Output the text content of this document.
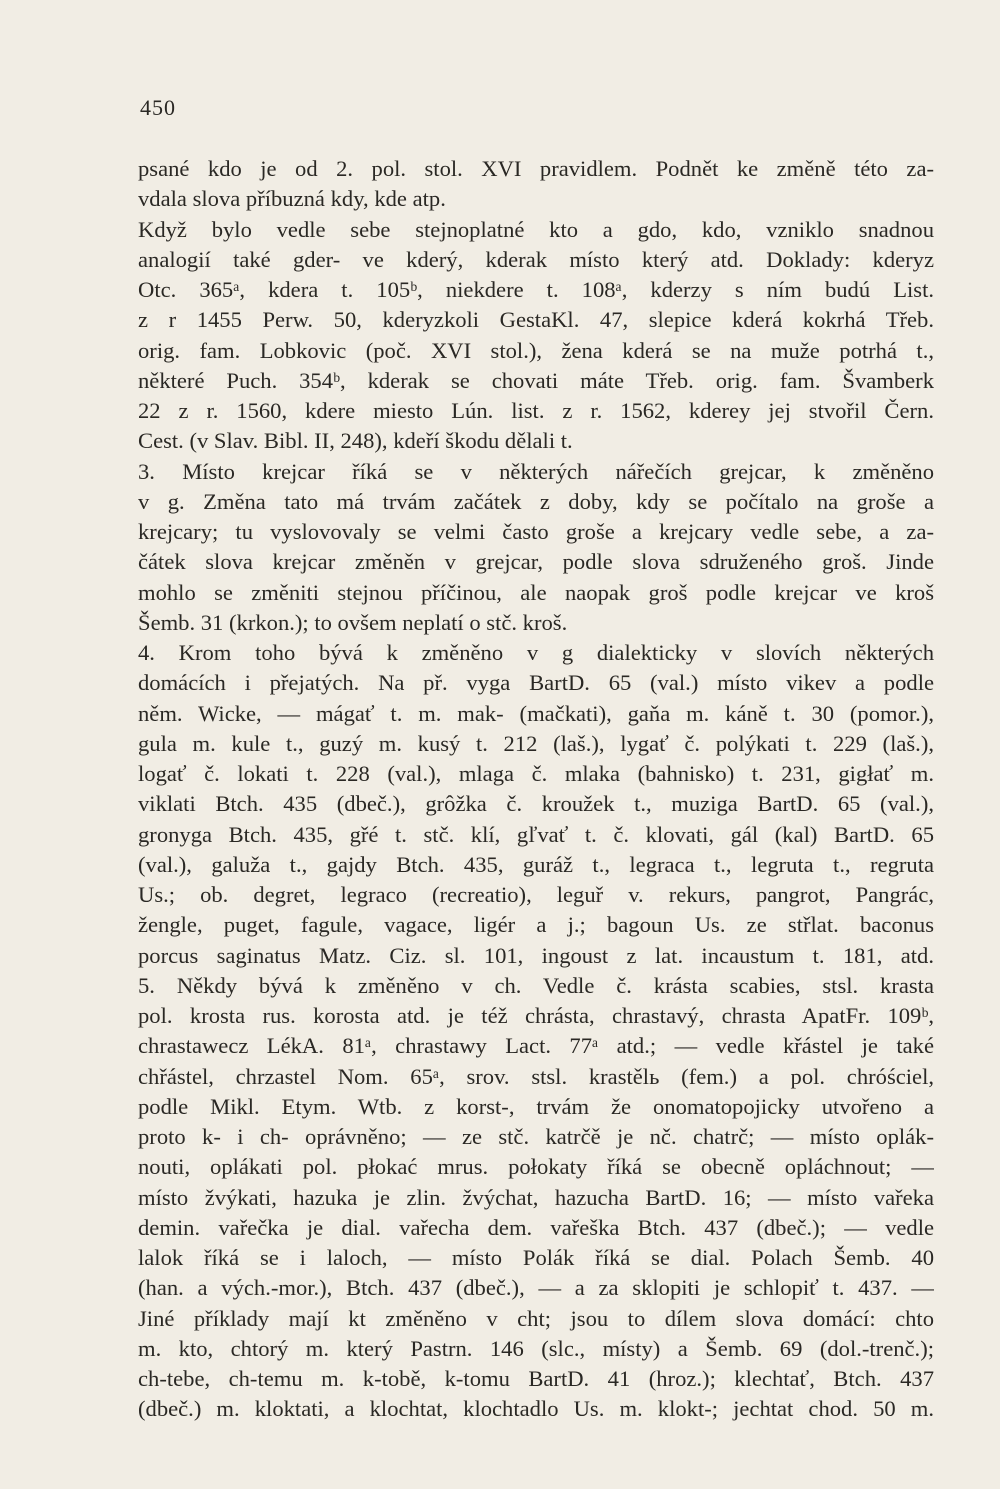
450
psané kdo je od 2. pol. stol. XVI pravidlem. Podnět ke změně této za-
vdala slova příbuzná kdy, kde atp.
Když bylo vedle sebe stejnoplatné kto a gdo, kdo, vzniklo snadnou
analogií také gder- ve kderý, kderak místo který atd. Doklady: kderyz
Otc. 365ᵃ, kdera t. 105ᵇ, niekdere t. 108ᵃ, kderzy s ním budú List.
z r 1455 Perw. 50, kderyzkoli GestaKl. 47, slepice kderá kokrhá Třeb.
orig. fam. Lobkovic (poč. XVI stol.), žena kderá se na muže potrhá t.,
některé Puch. 354ᵇ, kderak se chovati máte Třeb. orig. fam. Švamberk
22 z r. 1560, kdere miesto Lún. list. z r. 1562, kderey jej stvořil Čern.
Cest. (v Slav. Bibl. II, 248), kdeří škodu dělali t.
3. Místo krejcar říká se v některých nářečích grejcar, k změněno
v g. Změna tato má trvám začátek z doby, kdy se počítalo na groše a
krejcary; tu vyslovovaly se velmi často groše a krejcary vedle sebe, a za-
čátek slova krejcar změněn v grejcar, podle slova sdruženého groš. Jinde
mohlo se změniti stejnou příčinou, ale naopak groš podle krejcar ve kroš
Šemb. 31 (krkon.); to ovšem neplatí o stč. kroš.
4. Krom toho bývá k změněno v g dialekticky v slovích některých
domácích i přejatých. Na př. vyga BartD. 65 (val.) místo vikev a podle
něm. Wicke, — mágať t. m. mak- (mačkati), gaňa m. káně t. 30 (pomor.),
gula m. kule t., guzý m. kusý t. 212 (laš.), lygať č. polýkati t. 229 (laš.),
logať č. lokati t. 228 (val.), mlaga č. mlaka (bahnisko) t. 231, gigłať m.
viklati Btch. 435 (dbeč.), grôžka č. kroužek t., muziga BartD. 65 (val.),
gronyga Btch. 435, gřé t. stč. klí, gľvať t. č. klovati, gál (kal) BartD. 65
(val.), galuža t., gajdy Btch. 435, guráž t., legraca t., legruta t., regruta
Us.; ob. degret, legraco (recreatio), leguř v. rekurs, pangrot, Pangrác,
žengle, puget, fagule, vagace, ligér a j.; bagoun Us. ze střlat. baconus
porcus saginatus Matz. Ciz. sl. 101, ingoust z lat. incaustum t. 181, atd.
5. Někdy bývá k změněno v ch. Vedle č. krásta scabies, stsl. krasta
pol. krosta rus. korosta atd. je též chrásta, chrastavý, chrasta ApatFr. 109ᵇ,
chrastawecz LékA. 81ᵃ, chrastawy Lact. 77ᵃ atd.; — vedle křástel je také
chřástel, chrzastel Nom. 65ᵃ, srov. stsl. krastělь (fem.) a pol. chróściel,
podle Mikl. Etym. Wtb. z korst-, trvám že onomatopojicky utvořeno a
proto k- i ch- oprávněno; — ze stč. katrčě je nč. chatrč; — místo oplák-
nouti, oplákati pol. płokać mrus. połokaty říká se obecně opláchnout; —
místo žvýkati, hazuka je zlin. žvýchat, hazucha BartD. 16; — místo vařeka
demin. vařečka je dial. vařecha dem. vařeška Btch. 437 (dbeč.); — vedle
lalok říká se i laloch, — místo Polák říká se dial. Polach Šemb. 40
(han. a vých.-mor.), Btch. 437 (dbeč.), — a za sklopiti je schlopiť t. 437. —
Jiné příklady mají kt změněno v cht; jsou to dílem slova domácí: chto
m. kto, chtorý m. který Pastrn. 146 (slc., místy) a Šemb. 69 (dol.-trenč.);
ch-tebe, ch-temu m. k-tobě, k-tomu BartD. 41 (hroz.); klechtať, Btch. 437
(dbeč.) m. kloktati, a klochtat, klochtadlo Us. m. klokt-; jechtat chod. 50 m.
